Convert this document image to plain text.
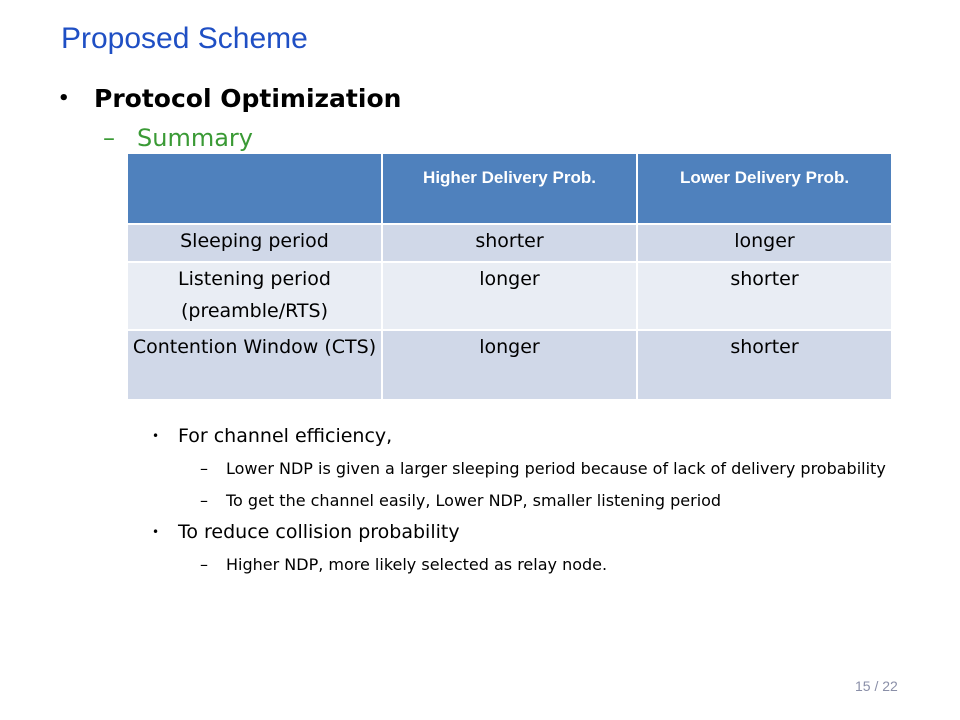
Proposed Scheme
• Protocol Optimization
– Summary
	Higher Delivery Prob.	Lower Delivery Prob.
Sleeping period	shorter	longer
Listening period (preamble/RTS)	longer	shorter
Contention Window (CTS)	longer	shorter
• For channel efficiency,
–	Lower NDP is given a larger sleeping period because of lack of delivery probability
–	To get the channel easily, Lower NDP, smaller listening period
• To reduce collision probability
–	Higher NDP, more likely selected as relay node.
15 / 22
